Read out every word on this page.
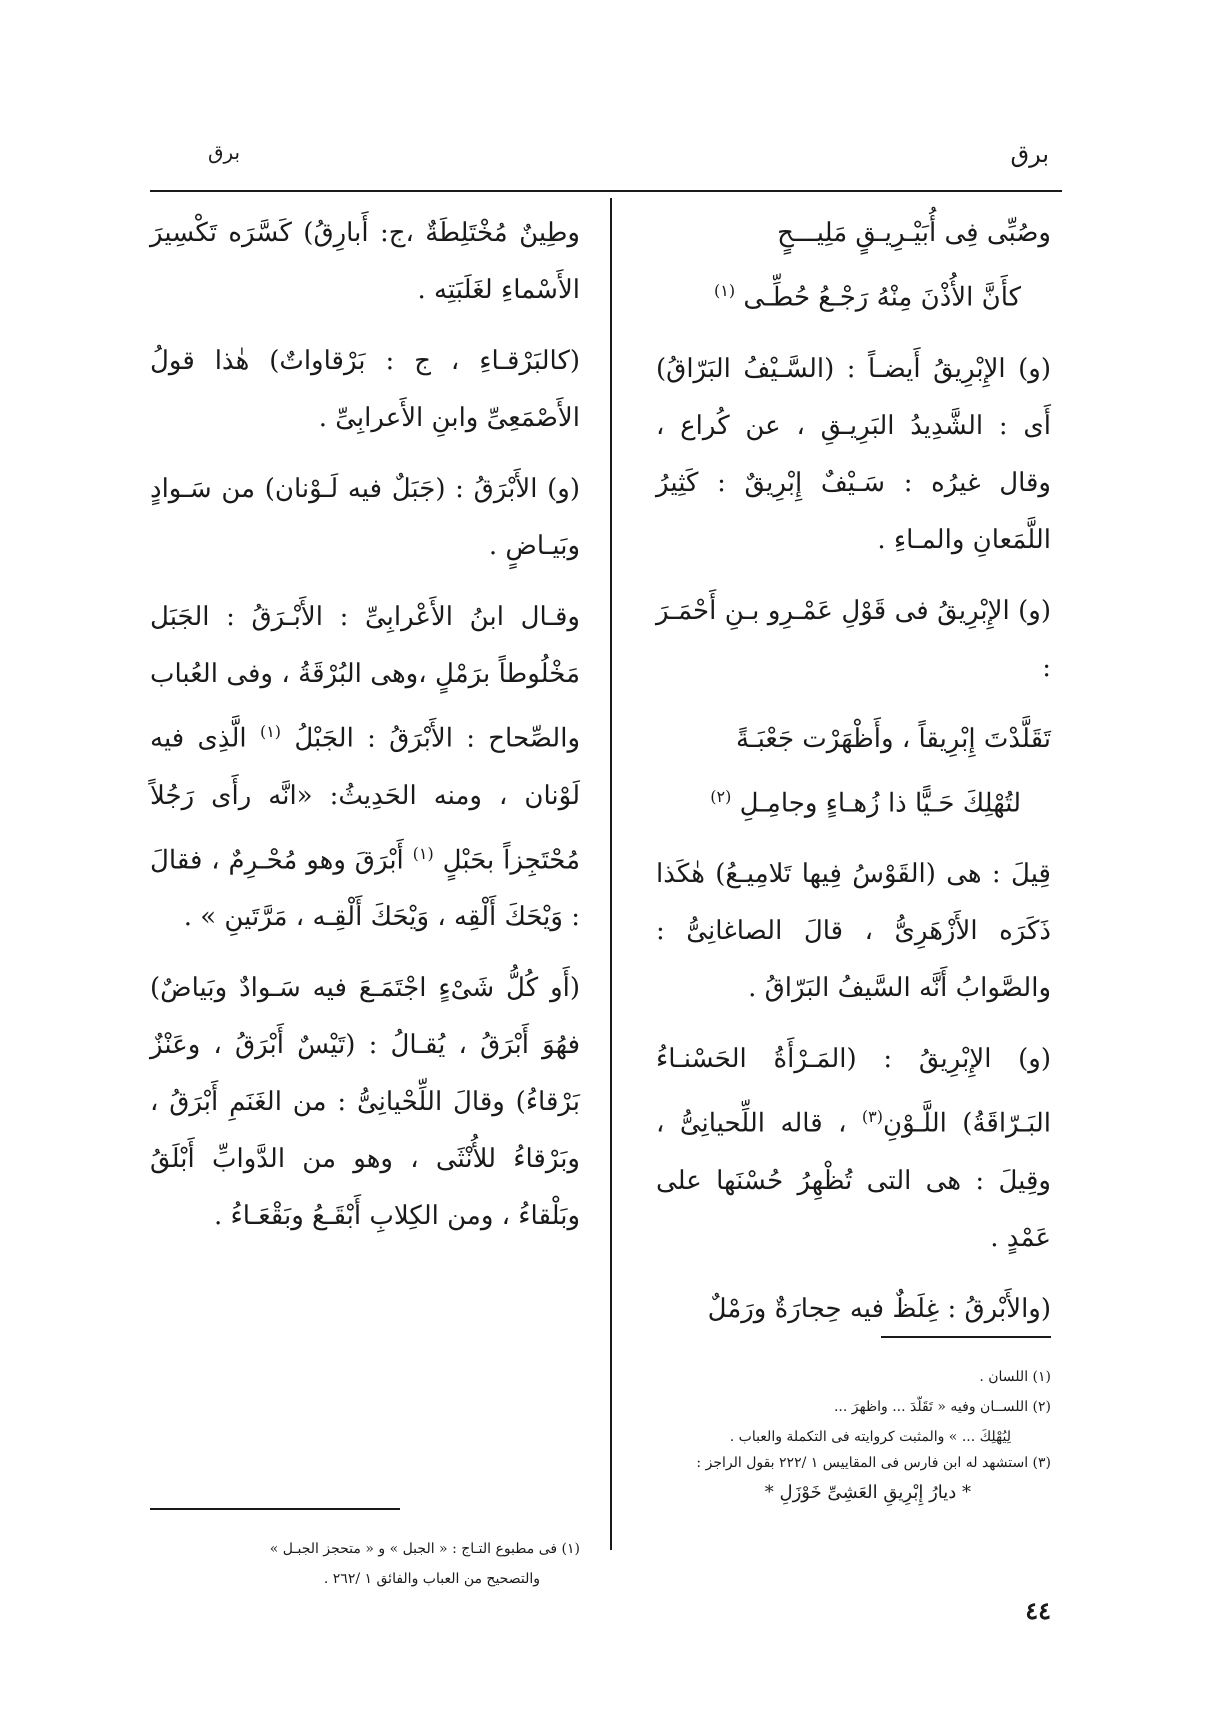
برق
برق

وصُبِّى فِى أُبَيْـرِيـقٍ مَلِيـــحٍ

كأَنَّ الأُذْنَ مِنْهُ رَجْـعُ حُطِّـى $^{(١)}$

(و) الإِبْرِيقُ أَيضـاً : (السَّـيْفُ البَرّاقُ) أَى : الشَّدِيدُ البَرِيـقِ ، عن كُراع ، وقال غيرُه : سَـيْفٌ إِبْرِيقٌ : كَثِيرُ اللَّمَعانِ والمـاءِ .

(و) الإِبْرِيقُ فى قَوْلِ عَمْـرِو بـنِ أَحْمَـرَ :

تَقَلَّدْتَ إِبْرِيقاً ، وأَظْهَرْت جَعْبَـةً

لتُهْلِكَ حَـيًّا ذا زُهـاءٍ وجامِـلِ $^{(٢)}$

قِيلَ : هى (القَوْسُ فِيها تَلامِيـعُ) هٰكَذا ذَكَرَه الأَزْهَرِىُّ ، قالَ الصاغانِىُّ : والصَّوابُ أَنَّه السَّيفُ البَرّاقُ .

(و) الإِبْرِيقُ : (المَـرْأَةُ الحَسْنـاءُ البَـرّاقَةُ) اللَّـوْنِ$^{(٣)}$ ، قاله اللِّحيانِىُّ ، وقِيلَ : هى التى تُظْهِرُ حُسْنَها على عَمْدٍ .

(والأَبْرقُ : غِلَظٌ فيه حِجارَةٌ ورَمْلٌ

وطِينٌ مُخْتَلِطَةٌ ،ج: أَبارِقُ) كَسَّرَه تَكْسِيرَ الأَسْماءِ لغَلَبَتِه .

(كالبَرْقـاءِ ، ج : بَرْقاواتٌ) هٰذا قولُ الأَصْمَعِىِّ وابنِ الأَعرابِىِّ .

(و) الأَبْرَقُ : (جَبَلٌ فيه لَـوْنان) من سَـوادٍ وبَيـاضٍ .

وقـال ابنُ الأَعْرابِىِّ : الأَبْـرَقُ : الجَبَل مَخْلُوطاً برَمْلٍ ،وهى البُرْقَةُ ، وفى العُباب والصِّحاح : الأَبْرَقُ : الجَبْلُ $^{(١)}$ الَّذِى فيه لَوْنان ، ومنه الحَدِيثُ: «انَّه رأَى رَجُلاً مُحْتَجِزاً بحَبْلٍ $^{(١)}$ أَبْرَقَ وهو مُحْـرِمٌ ، فقالَ : وَيْحَكَ أَلْقِه ، وَيْحَكَ أَلْقِـه ، مَرَّتَينِ » .

(أَو كُلُّ شَىْءٍ اجْتَمَـعَ فيه سَـوادٌ وبَياضٌ) فهُوَ أَبْرَقُ ، يُقـالُ : (تَيْسٌ أَبْرَقُ ، وعَنْزٌ بَرْقاءُ) وقالَ اللِّحْيانِىُّ : من الغَنَمِ أَبْرَقُ ، وبَرْقاءُ للأُنْثَى ، وهو من الدَّوابِّ أَبْلَقُ وبَلْقاءُ ، ومن الكِلابِ أَبْقَـعُ وبَقْعَـاءُ .

(١) اللسان .

(٢) اللســان وفيه « تَقَلّدَ ... واظهرَ ...

لِيُهْلِكَ ... » والمثبت كروايته فى التكملة والعباب .

(٣) استشهد له ابن فارس فى المقاييس ١ /٢٢٢ بقول الراجز :

* ديارُ إِبْرِيقِ العَشِىِّ خَوْزَلِ *

(١) فى مطبوع التـاج : « الجبل » و « متحجز الجبـل »

والتصحيح من العباب والفائق ١ /٢٦٢ .

٤٤
